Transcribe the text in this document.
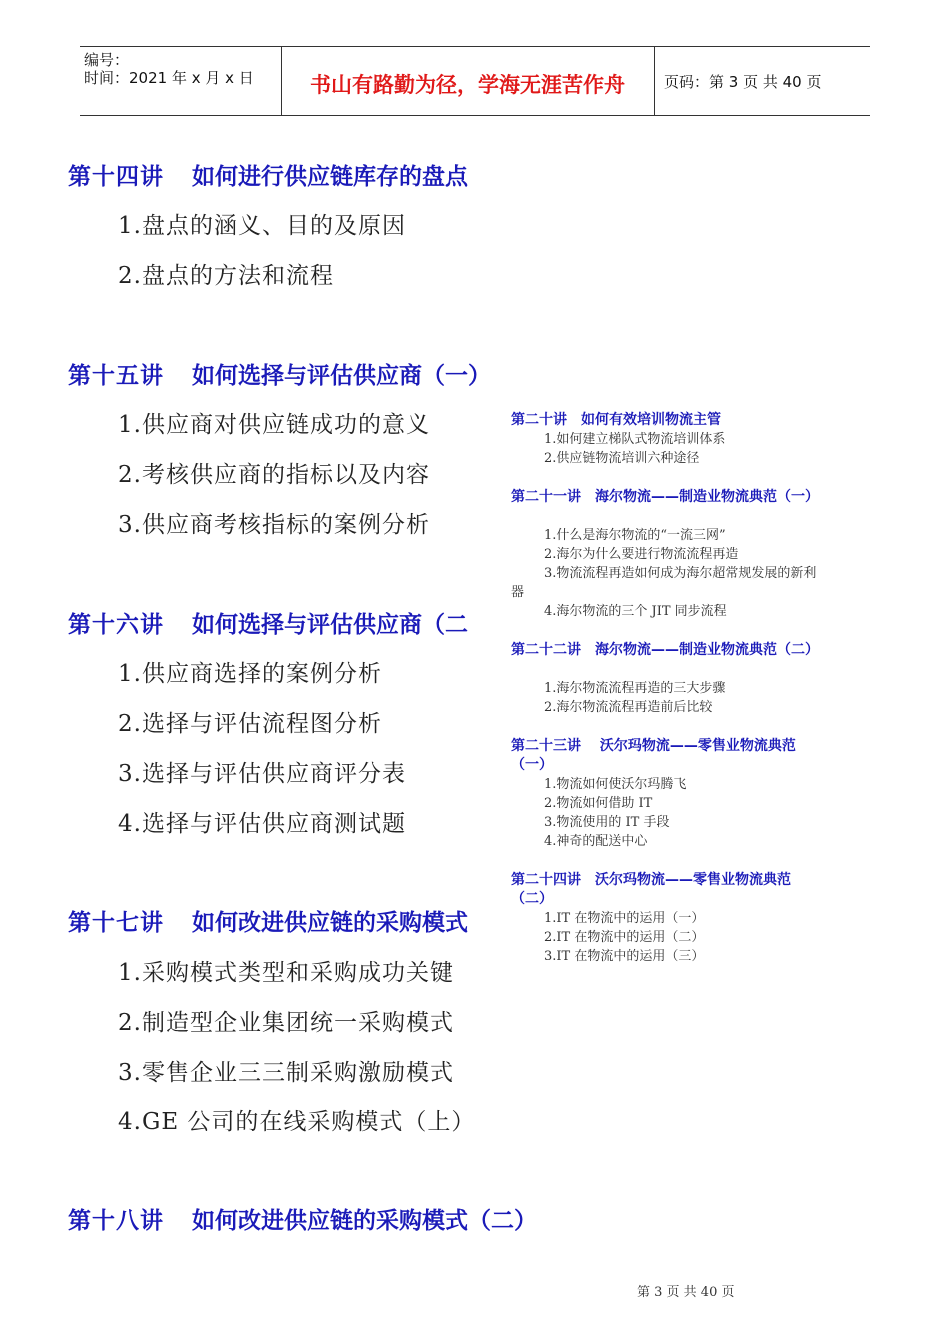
编号：
时间：2021 年 x 月 x 日	书山有路勤为径，学海无涯苦作舟	页码：第 3 页 共 40 页
第十四讲 如何进行供应链库存的盘点
1.盘点的涵义、目的及原因
2.盘点的方法和流程
第十五讲 如何选择与评估供应商（一）
1.供应商对供应链成功的意义
2.考核供应商的指标以及内容
3.供应商考核指标的案例分析
第十六讲 如何选择与评估供应商（二
1.供应商选择的案例分析
2.选择与评估流程图分析
3.选择与评估供应商评分表
4.选择与评估供应商测试题
第十七讲 如何改进供应链的采购模式
1.采购模式类型和采购成功关键
2.制造型企业集团统一采购模式
3.零售企业三三制采购激励模式
4.GE 公司的在线采购模式（上）
第十八讲 如何改进供应链的采购模式（二）
第二十讲　如何有效培训物流主管
1.如何建立梯队式物流培训体系
2.供应链物流培训六种途径
第二十一讲　海尔物流——制造业物流典范（一）
1.什么是海尔物流的“一流三网”
2.海尔为什么要进行物流流程再造
3.物流流程再造如何成为海尔超常规发展的新利器
4.海尔物流的三个 JIT 同步流程
第二十二讲　海尔物流——制造业物流典范（二）
1.海尔物流流程再造的三大步骤
2.海尔物流流程再造前后比较
第二十三讲　 沃尔玛物流——零售业物流典范（一）
1.物流如何使沃尔玛腾飞
2.物流如何借助 IT
3.物流使用的 IT 手段
4.神奇的配送中心
第二十四讲　沃尔玛物流——零售业物流典范（二）
1.IT 在物流中的运用（一）
2.IT 在物流中的运用（二）
3.IT 在物流中的运用（三）
第 3 页 共 40 页
